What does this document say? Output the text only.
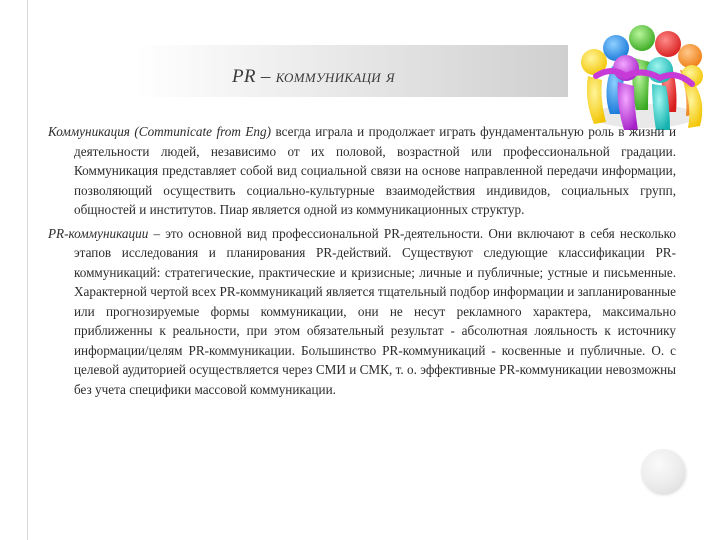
PR – коммуникаци я

Коммуникация (Communicate from Eng) всегда играла и продолжает играть фундаментальную роль в жизни и деятельности людей, независимо от их половой, возрастной или профессиональной градации. Коммуникация представляет собой вид социальной связи на основе направленной передачи информации, позволяющий осуществить социально-культурные взаимодействия индивидов, социальных групп, общностей и институтов. Пиар является одной из коммуникационных структур.

PR-коммуникации – это основной вид профессиональной PR-деятельности. Они включают в себя несколько этапов исследования и планирования PR-действий. Существуют следующие классификации PR-коммуникаций: стратегические, практические и кризисные; личные и публичные; устные и письменные. Характерной чертой всех PR-коммуникаций является тщательный подбор информации и запланированные или прогнозируемые формы коммуникации, они не несут рекламного характера, максимально приближенны к реальности, при этом обязательный результат - абсолютная лояльность к источнику информации/целям PR-коммуникации. Большинство PR-коммуникаций - косвенные и публичные. О. с целевой аудиторией осуществляется через СМИ и СМК, т. о. эффективные PR-коммуникации невозможны без учета специфики массовой коммуникации.
